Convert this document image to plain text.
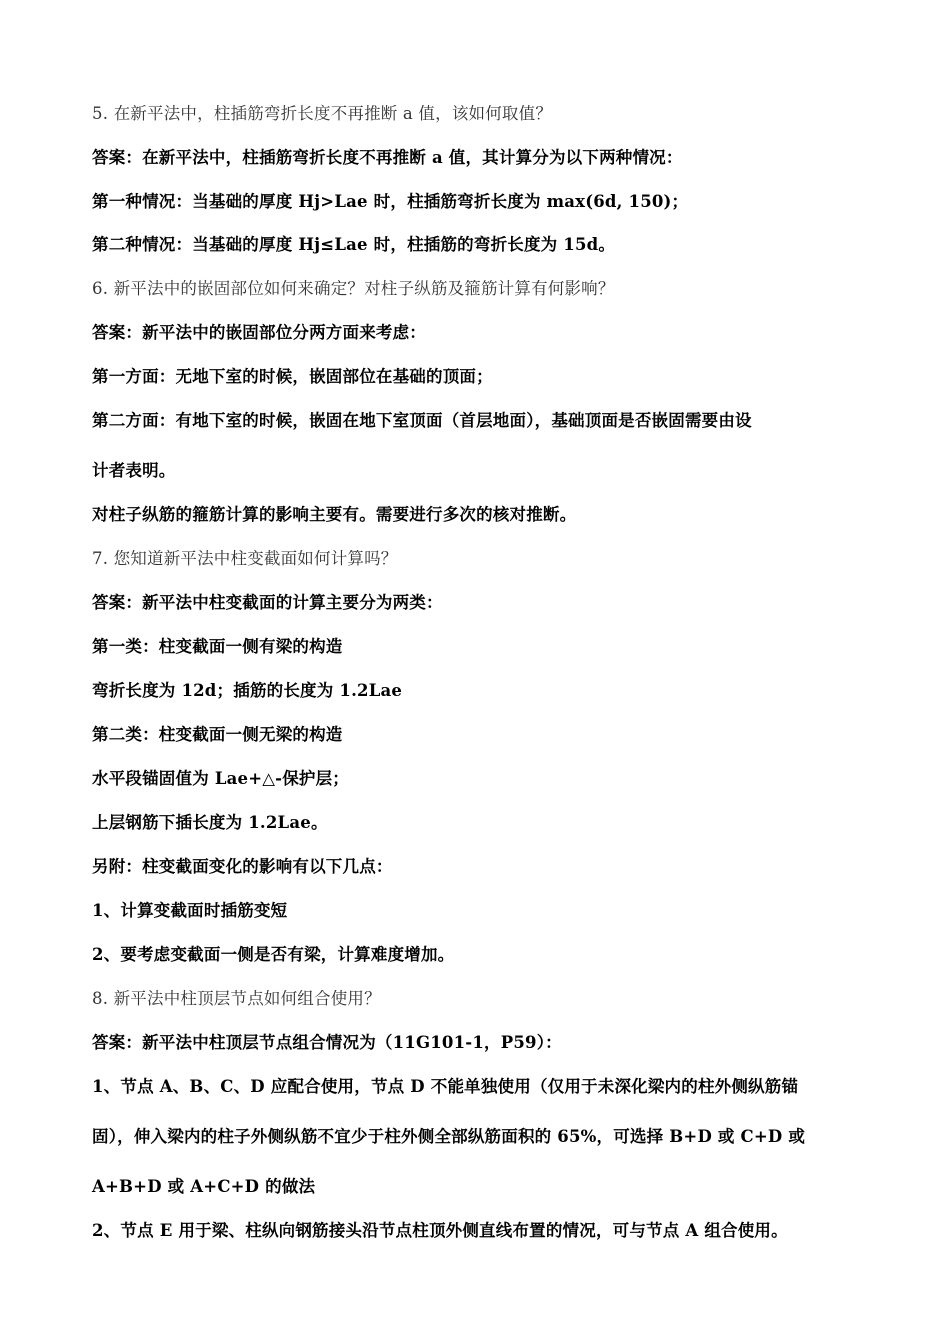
5. 在新平法中，柱插筋弯折长度不再推断 a 值，该如何取值？
答案：在新平法中，柱插筋弯折长度不再推断 a 值，其计算分为以下两种情况：
第一种情况：当基础的厚度 Hj>Lae 时，柱插筋弯折长度为 max(6d, 150)；
第二种情况：当基础的厚度 Hj≤Lae 时，柱插筋的弯折长度为 15d。
6. 新平法中的嵌固部位如何来确定？对柱子纵筋及箍筋计算有何影响？
答案：新平法中的嵌固部位分两方面来考虑：
第一方面：无地下室的时候，嵌固部位在基础的顶面；
第二方面：有地下室的时候，嵌固在地下室顶面（首层地面），基础顶面是否嵌固需要由设
计者表明。
对柱子纵筋的箍筋计算的影响主要有。需要进行多次的核对推断。
7. 您知道新平法中柱变截面如何计算吗？
答案：新平法中柱变截面的计算主要分为两类：
第一类：柱变截面一侧有梁的构造
弯折长度为 12d；插筋的长度为 1.2Lae
第二类：柱变截面一侧无梁的构造
水平段锚固值为 Lae+△-保护层；
上层钢筋下插长度为 1.2Lae。
另附：柱变截面变化的影响有以下几点：
1、计算变截面时插筋变短
2、要考虑变截面一侧是否有梁，计算难度增加。
8. 新平法中柱顶层节点如何组合使用？
答案：新平法中柱顶层节点组合情况为（11G101-1，P59）：
1、节点 A、B、C、D 应配合使用，节点 D 不能单独使用（仅用于未深化梁内的柱外侧纵筋锚
固），伸入梁内的柱子外侧纵筋不宜少于柱外侧全部纵筋面积的 65%，可选择 B+D 或 C+D 或
A+B+D 或 A+C+D 的做法
2、节点 E 用于梁、柱纵向钢筋接头沿节点柱顶外侧直线布置的情况，可与节点 A 组合使用。
